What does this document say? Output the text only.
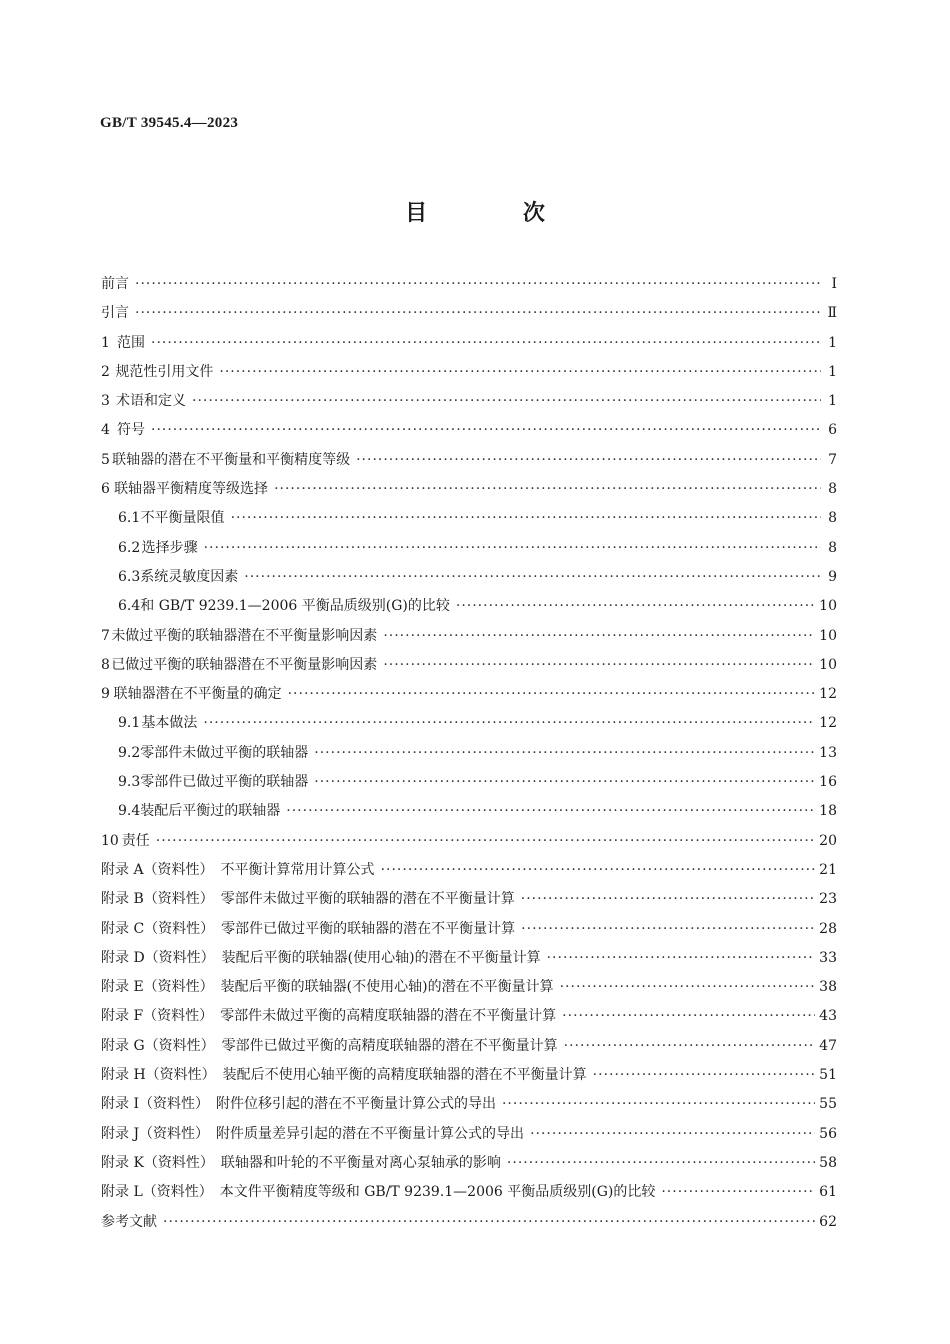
GB/T 39545.4—2023
目 次
前言 ·····	Ⅰ
引言 ·····	Ⅱ
1 范围 ·····	1
2 规范性引用文件 ·····	1
3 术语和定义 ·····	1
4 符号 ·····	6
5 联轴器的潜在不平衡量和平衡精度等级 ·····	7
6 联轴器平衡精度等级选择 ·····	8
6.1 不平衡量限值 ·····	8
6.2 选择步骤 ·····	8
6.3 系统灵敏度因素 ·····	9
6.4 和 GB/T 9239.1—2006 平衡品质级别(G)的比较 ·····	10
7 未做过平衡的联轴器潜在不平衡量影响因素 ·····	10
8 已做过平衡的联轴器潜在不平衡量影响因素 ·····	10
9 联轴器潜在不平衡量的确定 ·····	12
9.1 基本做法 ·····	12
9.2 零部件未做过平衡的联轴器 ·····	13
9.3 零部件已做过平衡的联轴器 ·····	16
9.4 装配后平衡过的联轴器 ·····	18
10 责任 ·····	20
附录 A（资料性）　不平衡计算常用计算公式 ·····	21
附录 B（资料性）　零部件未做过平衡的联轴器的潜在不平衡量计算 ·····	23
附录 C（资料性）　零部件已做过平衡的联轴器的潜在不平衡量计算 ·····	28
附录 D（资料性）　装配后平衡的联轴器(使用心轴)的潜在不平衡量计算 ·····	33
附录 E（资料性）　装配后平衡的联轴器(不使用心轴)的潜在不平衡量计算 ·····	38
附录 F（资料性）　零部件未做过平衡的高精度联轴器的潜在不平衡量计算 ·····	43
附录 G（资料性）　零部件已做过平衡的高精度联轴器的潜在不平衡量计算 ·····	47
附录 H（资料性）　装配后不使用心轴平衡的高精度联轴器的潜在不平衡量计算 ·····	51
附录 I（资料性）　附件位移引起的潜在不平衡量计算公式的导出 ·····	55
附录 J（资料性）　附件质量差异引起的潜在不平衡量计算公式的导出 ·····	56
附录 K（资料性）　联轴器和叶轮的不平衡量对离心泵轴承的影响 ·····	58
附录 L（资料性）　本文件平衡精度等级和 GB/T 9239.1—2006 平衡品质级别(G)的比较 ·····	61
参考文献 ·····	62
